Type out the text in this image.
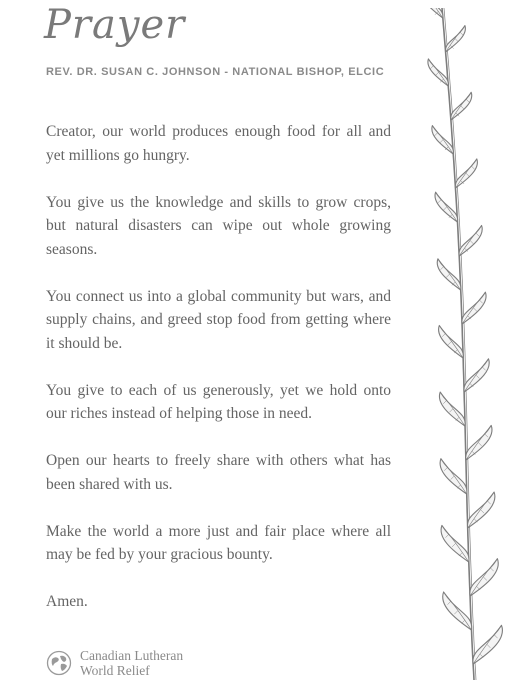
Prayer
REV. DR. SUSAN C. JOHNSON - NATIONAL BISHOP, ELCIC

Creator, our world produces enough food for all and yet millions go hungry.

You give us the knowledge and skills to grow crops, but natural disasters can wipe out whole growing seasons.

You connect us into a global community but wars, and supply chains, and greed stop food from getting where it should be.

You give to each of us generously, yet we hold onto our riches instead of helping those in need.

Open our hearts to freely share with others what has been shared with us.

Make the world a more just and fair place where all may be fed by your gracious bounty.

Amen.

Canadian Lutheran
World Relief
